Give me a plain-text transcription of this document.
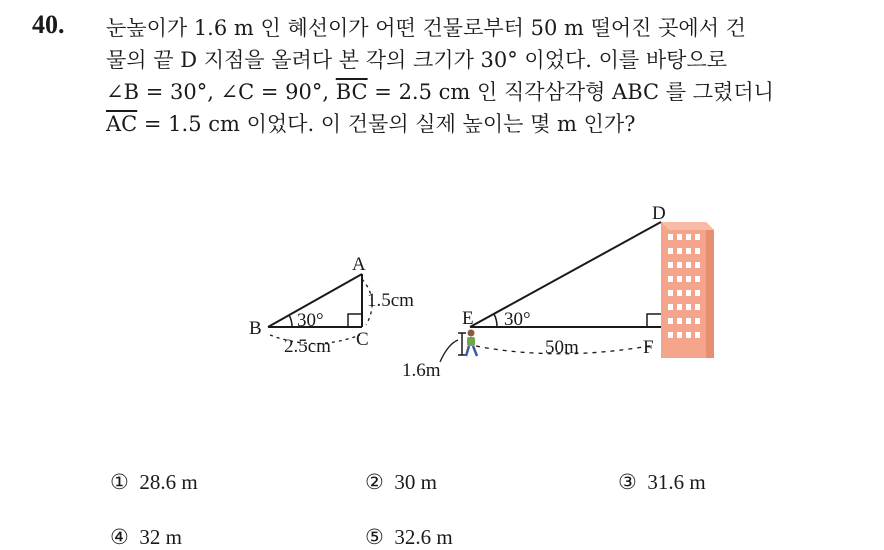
40. 눈높이가 1.6 m 인 혜선이가 어떤 건물로부터 50 m 떨어진 곳에서 건
물의 끝 D 지점을 올려다 본 각의 크기가 30° 이었다. 이를 바탕으로
∠B = 30°, ∠C = 90°, $\overline{BC} = 2.5$ cm 인 직각삼각형 ABC 를 그렸더니
$\overline{AC} = 1.5$ cm 이었다. 이 건물의 실제 높이는 몇 m 인가?
A
B
C
30°
1.5cm
2.5cm
D
E
F
30°
50m
1.6m
① 28.6 m	② 30 m	③ 31.6 m
④ 32 m	⑤ 32.6 m
